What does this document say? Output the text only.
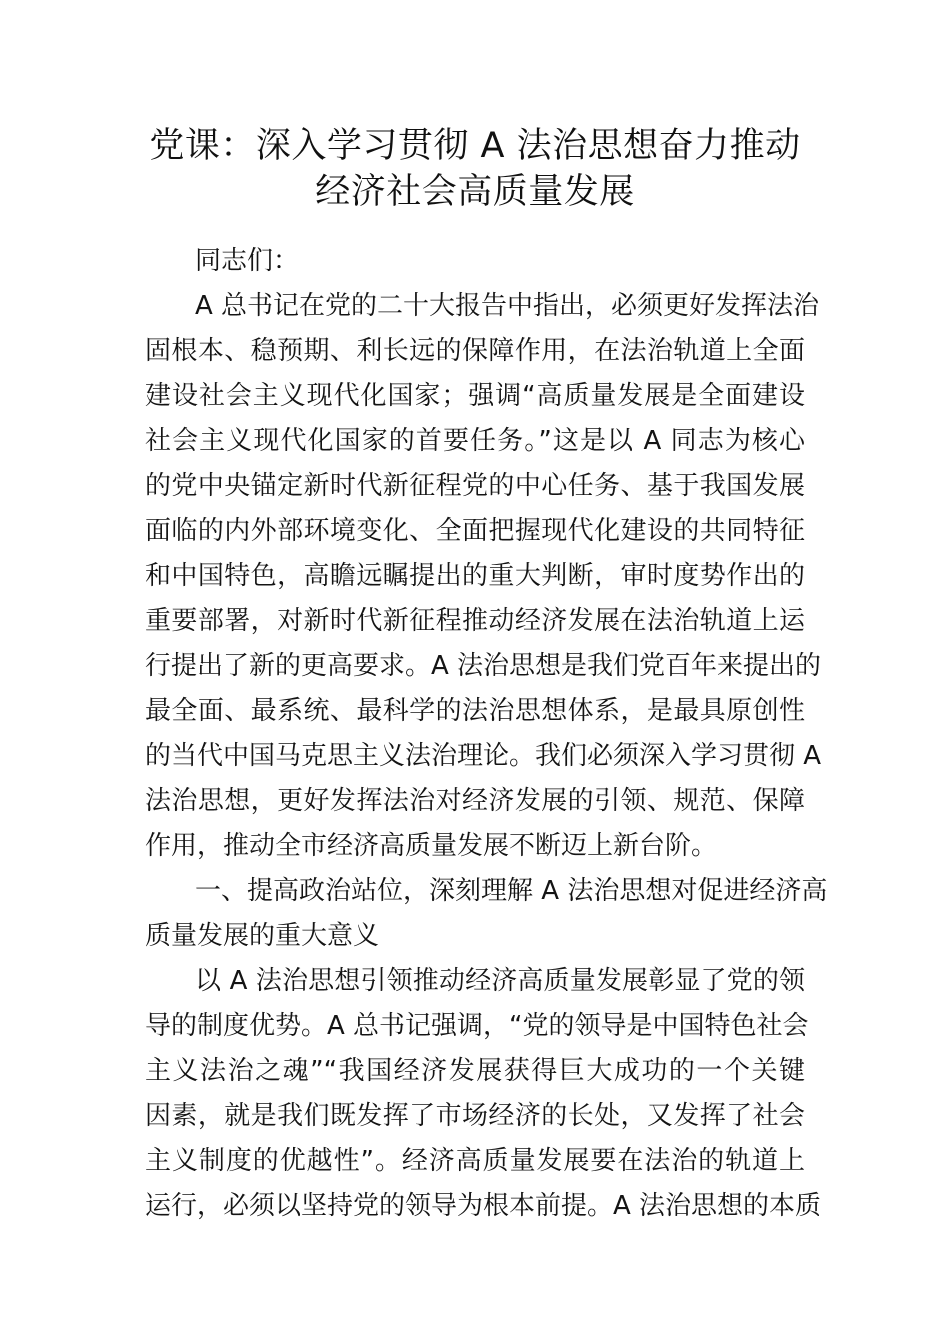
党课：深入学习贯彻 A 法治思想奋力推动
经济社会高质量发展
同志们：
A 总书记在党的二十大报告中指出，必须更好发挥法治
固根本、稳预期、利长远的保障作用，在法治轨道上全面
建设社会主义现代化国家；强调“高质量发展是全面建设
社会主义现代化国家的首要任务。”这是以 A 同志为核心
的党中央锚定新时代新征程党的中心任务、基于我国发展
面临的内外部环境变化、全面把握现代化建设的共同特征
和中国特色，高瞻远瞩提出的重大判断，审时度势作出的
重要部署，对新时代新征程推动经济发展在法治轨道上运
行提出了新的更高要求。A 法治思想是我们党百年来提出的
最全面、最系统、最科学的法治思想体系，是最具原创性
的当代中国马克思主义法治理论。我们必须深入学习贯彻 A
法治思想，更好发挥法治对经济发展的引领、规范、保障
作用，推动全市经济高质量发展不断迈上新台阶。
一、提高政治站位，深刻理解 A 法治思想对促进经济高
质量发展的重大意义
以 A 法治思想引领推动经济高质量发展彰显了党的领
导的制度优势。A 总书记强调，“党的领导是中国特色社会
主义法治之魂”“我国经济发展获得巨大成功的一个关键
因素，就是我们既发挥了市场经济的长处，又发挥了社会
主义制度的优越性”。经济高质量发展要在法治的轨道上
运行，必须以坚持党的领导为根本前提。A 法治思想的本质
